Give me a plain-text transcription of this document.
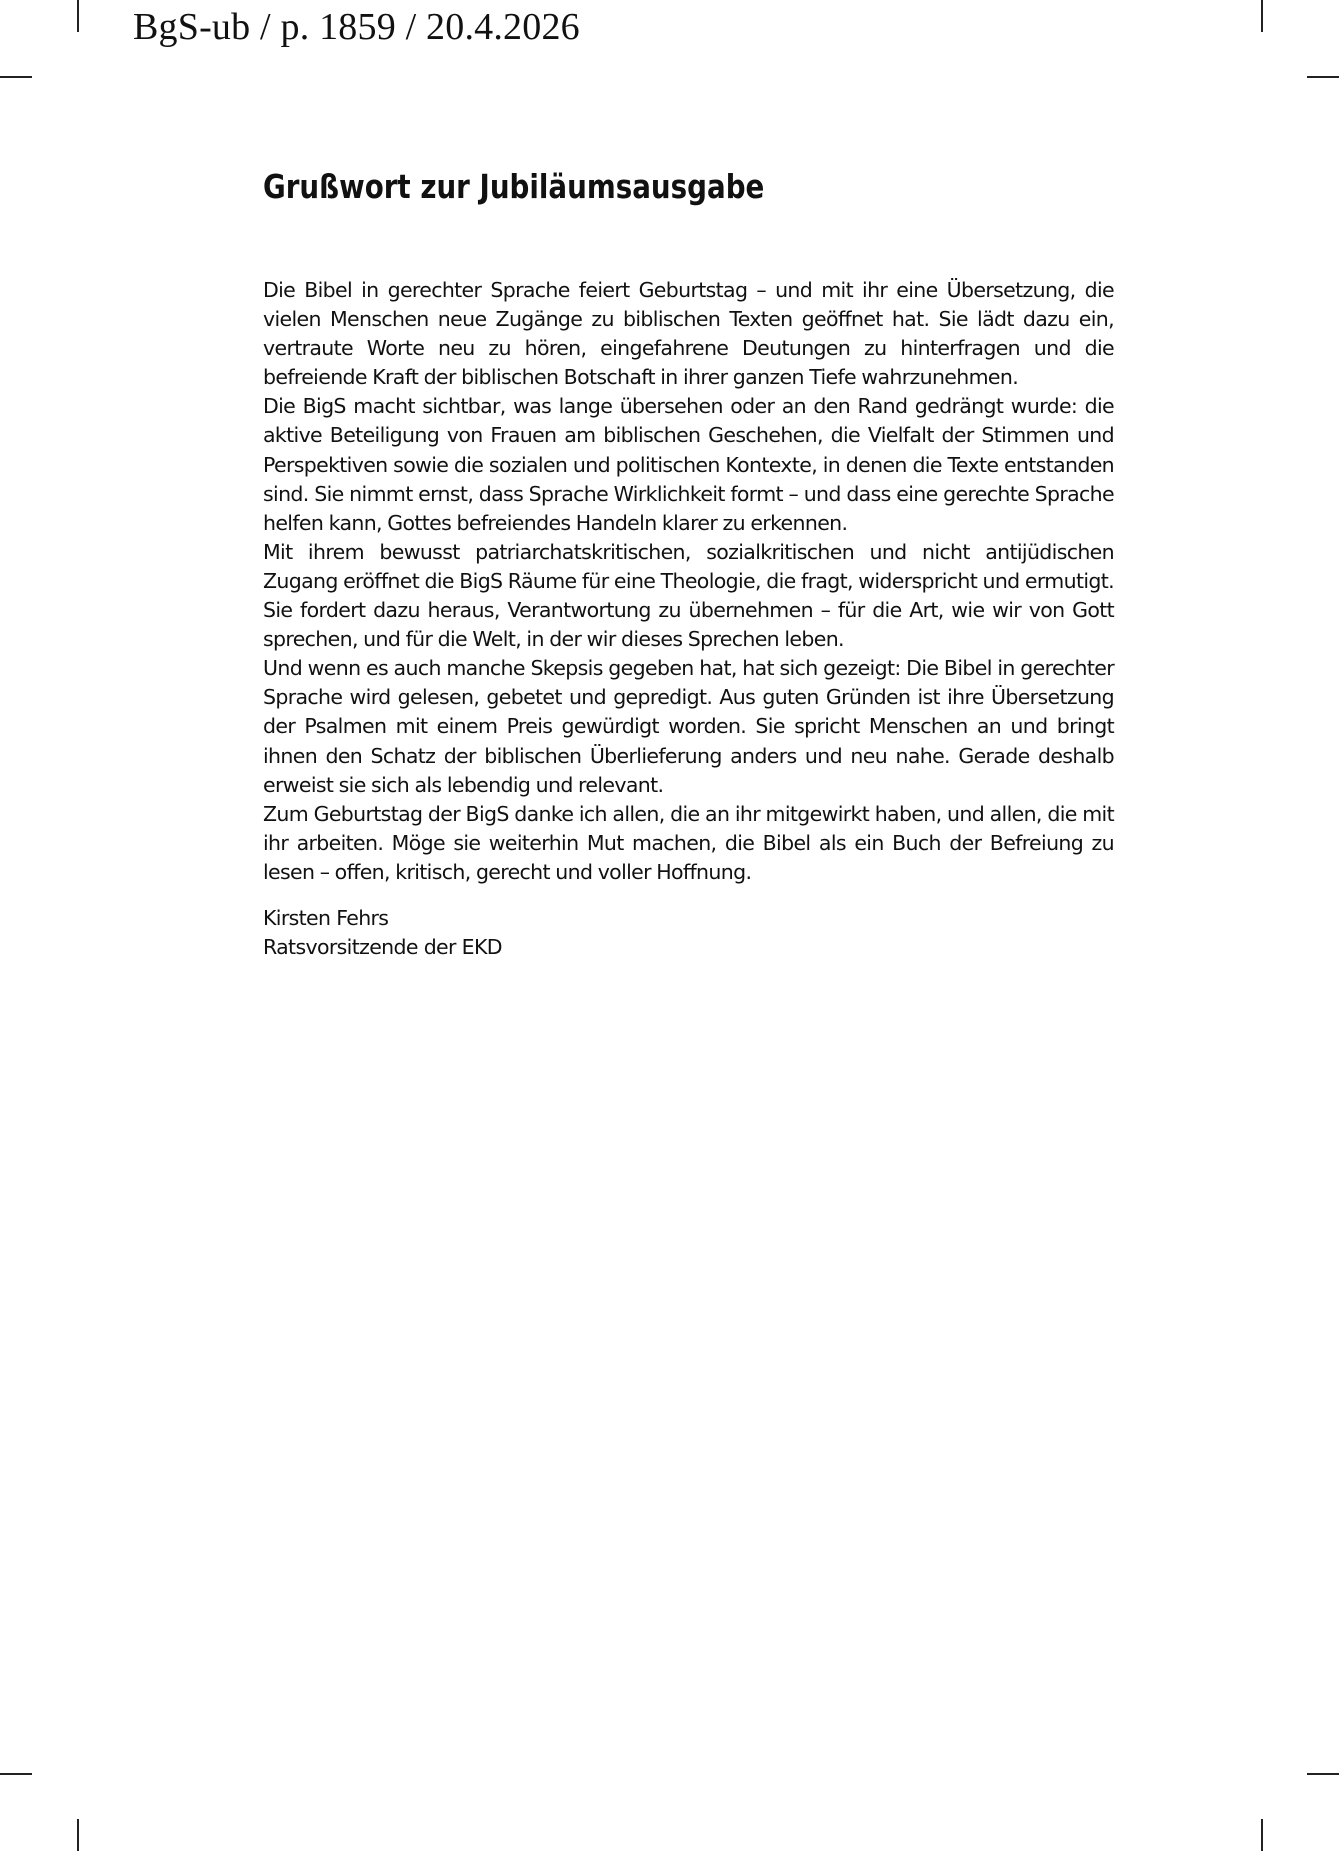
BgS-ub / p. 1859 / 20.4.2026
Grußwort zur Jubiläumsausgabe

Die Bibel in gerechter Sprache feiert Geburtstag – und mit ihr eine Übersetzung, die vielen Menschen neue Zugänge zu biblischen Texten geöffnet hat. Sie lädt dazu ein, vertraute Worte neu zu hören, eingefahrene Deutungen zu hinterfragen und die befreiende Kraft der biblischen Botschaft in ihrer ganzen Tiefe wahrzunehmen.

Die BigS macht sichtbar, was lange übersehen oder an den Rand gedrängt wurde: die aktive Beteiligung von Frauen am biblischen Geschehen, die Vielfalt der Stimmen und Perspektiven sowie die sozialen und politischen Kontexte, in denen die Texte entstanden sind. Sie nimmt ernst, dass Sprache Wirklichkeit formt – und dass eine gerechte Sprache helfen kann, Gottes befreiendes Handeln klarer zu erkennen.

Mit ihrem bewusst patriarchatskritischen, sozialkritischen und nicht antijüdischen Zugang eröffnet die BigS Räume für eine Theologie, die fragt, widerspricht und ermutigt. Sie fordert dazu heraus, Verantwortung zu übernehmen – für die Art, wie wir von Gott sprechen, und für die Welt, in der wir dieses Sprechen leben.

Und wenn es auch manche Skepsis gegeben hat, hat sich gezeigt: Die Bibel in gerechter Sprache wird gelesen, gebetet und gepredigt. Aus guten Gründen ist ihre Übersetzung der Psalmen mit einem Preis gewürdigt worden. Sie spricht Menschen an und bringt ihnen den Schatz der biblischen Überlieferung anders und neu nahe. Gerade deshalb erweist sie sich als lebendig und relevant.

Zum Geburtstag der BigS danke ich allen, die an ihr mitgewirkt haben, und allen, die mit ihr arbeiten. Möge sie weiterhin Mut machen, die Bibel als ein Buch der Befreiung zu lesen – offen, kritisch, gerecht und voller Hoffnung.

Kirsten Fehrs
Ratsvorsitzende der EKD
